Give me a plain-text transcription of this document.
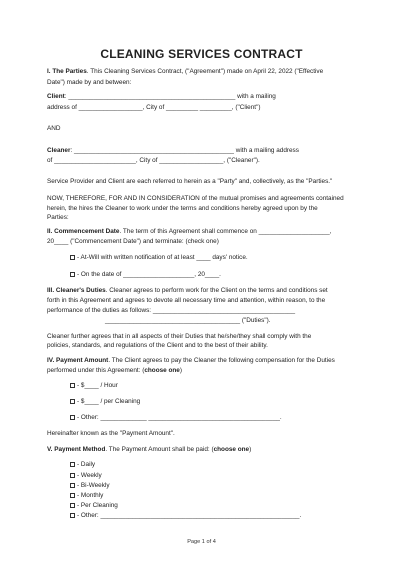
CLEANING SERVICES CONTRACT
I. The Parties. This Cleaning Services Contract, ("Agreement") made on April 22, 2022 ("Effective
Date") made by and between:
Client: _______________________________________________ with a mailing
address of __________________, City of _________ _________, ("Client")
AND
Cleaner: _____________________________________________ with a mailing address
of _______________________, City of __________________, ("Cleaner").
Service Provider and Client are each referred to herein as a "Party" and, collectively, as the "Parties."
NOW, THEREFORE, FOR AND IN CONSIDERATION of the mutual promises and agreements contained
herein, the hires the Cleaner to work under the terms and conditions hereby agreed upon by the
Parties:
II. Commencement Date. The term of this Agreement shall commence on ____________________,
20____ ("Commencement Date") and terminate: (check one)
- At-Will with written notification of at least ____ days' notice.
- On the date of ____________________, 20____.
III. Cleaner's Duties. Cleaner agrees to perform work for the Client on the terms and conditions set
forth in this Agreement and agrees to devote all necessary time and attention, within reason, to the
performance of the duties as follows: ________________________________________
______________________________________ ("Duties").
Cleaner further agrees that in all aspects of their Duties that he/she/they shall comply with the
policies, standards, and regulations of the Client and to the best of their ability.
IV. Payment Amount. The Client agrees to pay the Cleaner the following compensation for the Duties
performed under this Agreement: (choose one)
- $____ / Hour
- $____ / per Cleaning
- Other: _____________ _____________________________________.
Hereinafter known as the "Payment Amount".
V. Payment Method. The Payment Amount shall be paid: (choose one)
- Daily
- Weekly
- Bi-Weekly
- Monthly
- Per Cleaning
- Other: ________________________________________________________.
Page 1 of 4
